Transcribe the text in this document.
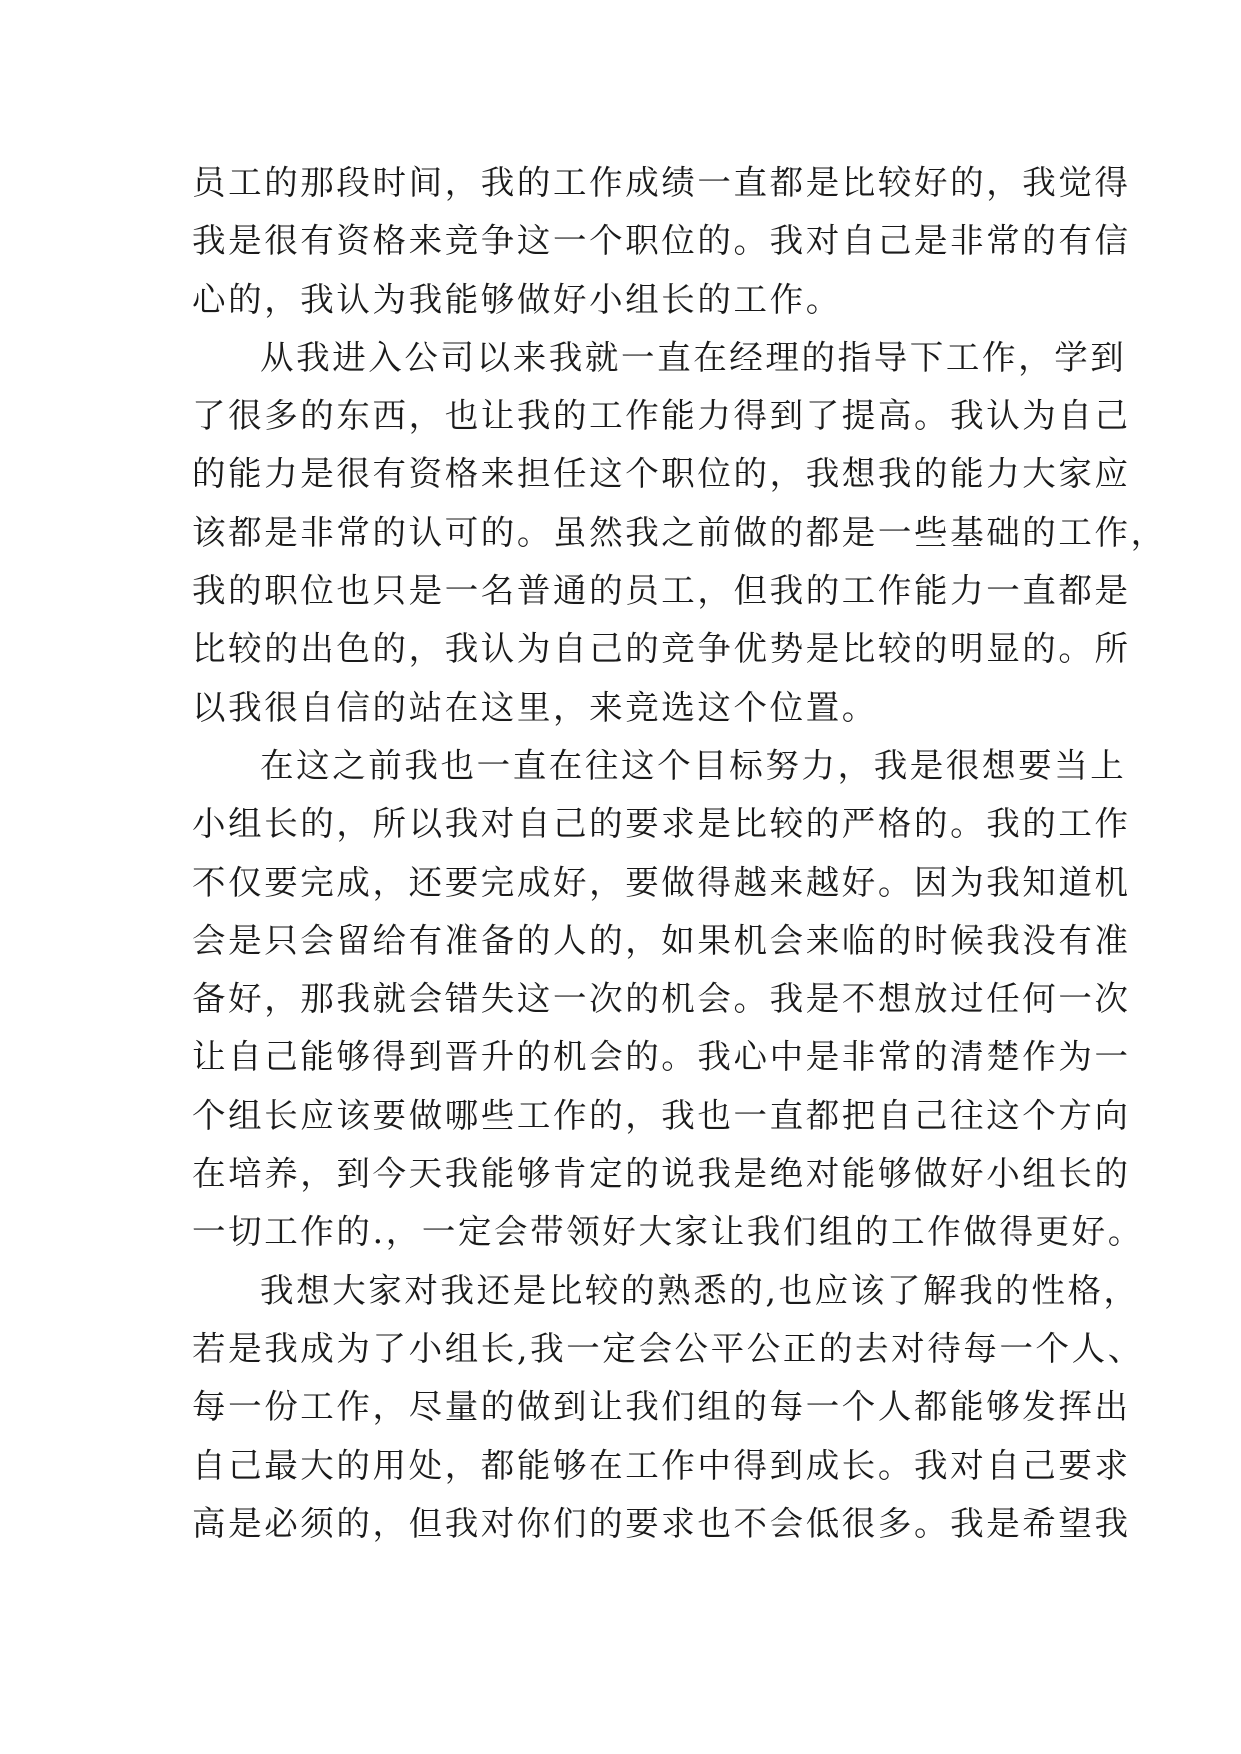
员工的那段时间，我的工作成绩一直都是比较好的，我觉得
我是很有资格来竞争这一个职位的。我对自己是非常的有信
心的，我认为我能够做好小组长的工作。
从我进入公司以来我就一直在经理的指导下工作，学到
了很多的东西，也让我的工作能力得到了提高。我认为自己
的能力是很有资格来担任这个职位的，我想我的能力大家应
该都是非常的认可的。虽然我之前做的都是一些基础的工作，
我的职位也只是一名普通的员工，但我的工作能力一直都是
比较的出色的，我认为自己的竞争优势是比较的明显的。所
以我很自信的站在这里，来竞选这个位置。
在这之前我也一直在往这个目标努力，我是很想要当上
小组长的，所以我对自己的要求是比较的严格的。我的工作
不仅要完成，还要完成好，要做得越来越好。因为我知道机
会是只会留给有准备的人的，如果机会来临的时候我没有准
备好，那我就会错失这一次的机会。我是不想放过任何一次
让自己能够得到晋升的机会的。我心中是非常的清楚作为一
个组长应该要做哪些工作的，我也一直都把自己往这个方向
在培养，到今天我能够肯定的说我是绝对能够做好小组长的
一切工作的.，一定会带领好大家让我们组的工作做得更好。
我想大家对我还是比较的熟悉的,也应该了解我的性格，
若是我成为了小组长,我一定会公平公正的去对待每一个人、
每一份工作，尽量的做到让我们组的每一个人都能够发挥出
自己最大的用处，都能够在工作中得到成长。我对自己要求
高是必须的，但我对你们的要求也不会低很多。我是希望我
